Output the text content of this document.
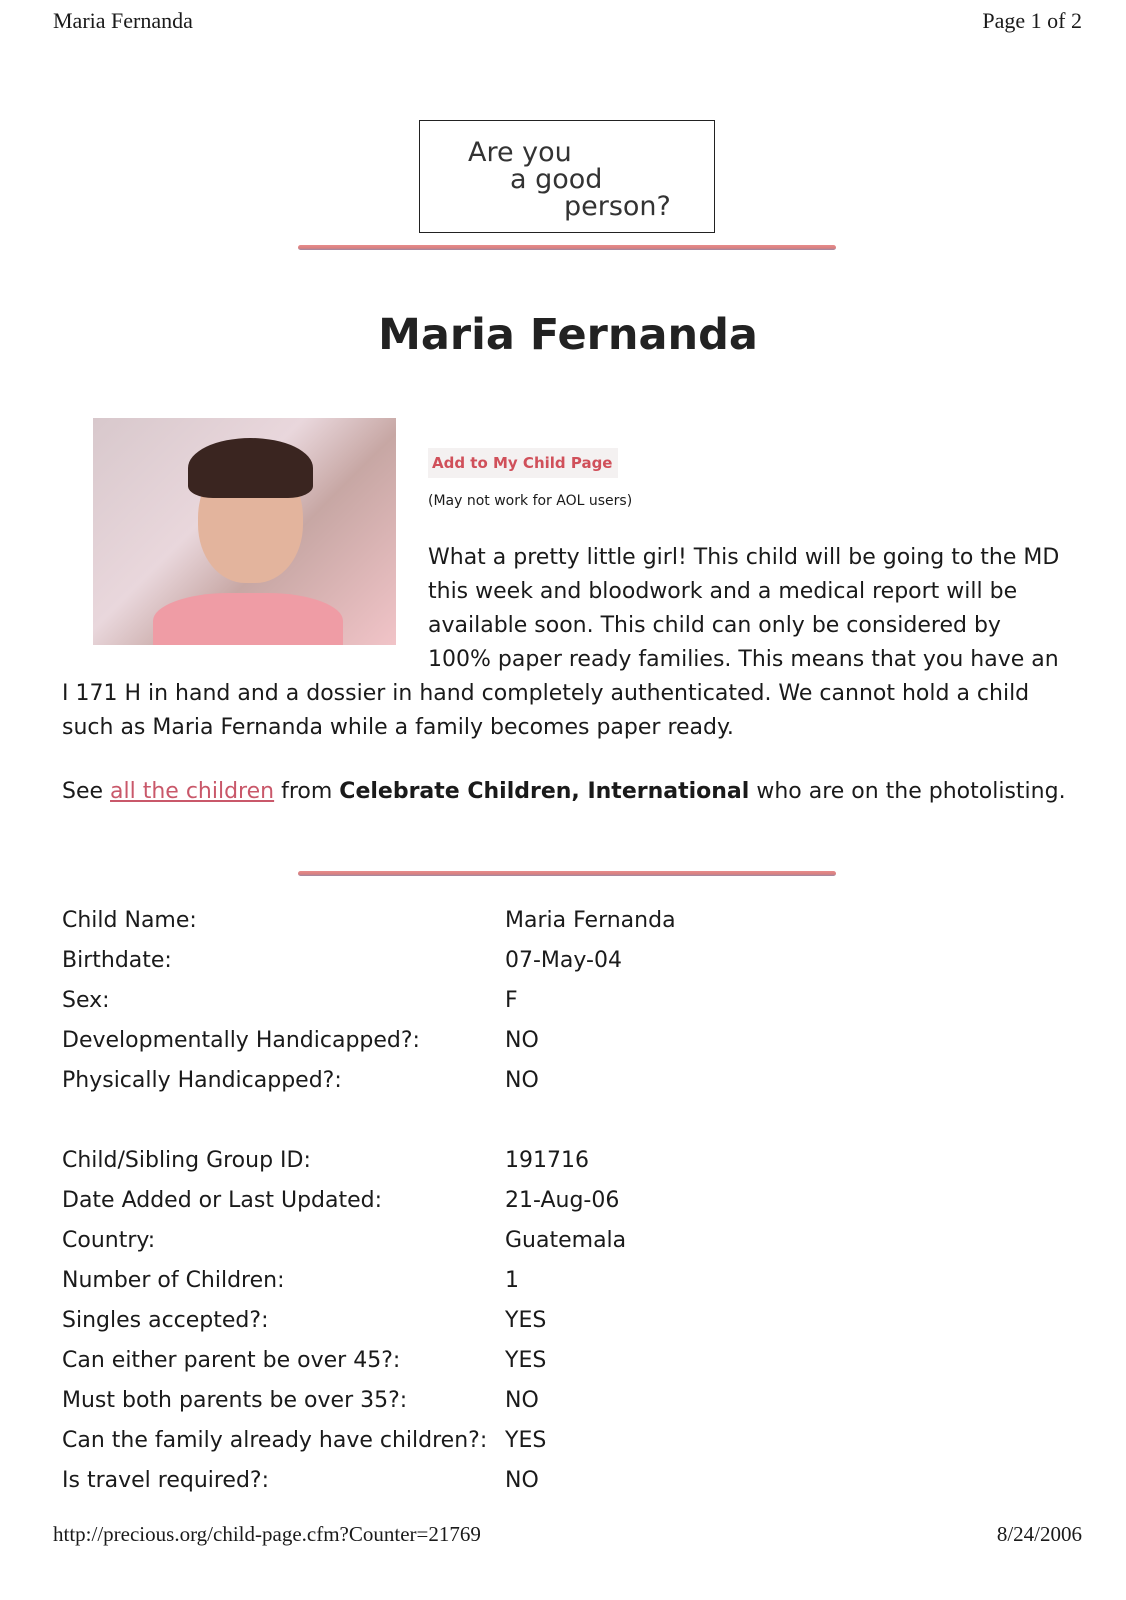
Maria Fernanda	Page 1 of 2
Are you
a good
person?
Maria Fernanda
Add to My Child Page
(May not work for AOL users)

What a pretty little girl! This child will be going to the MD this week and bloodwork and a medical report will be available soon. This child can only be considered by 100% paper ready families. This means that you have an I 171 H in hand and a dossier in hand completely authenticated. We cannot hold a child such as Maria Fernanda while a family becomes paper ready.

See all the children from Celebrate Children, International who are on the photolisting.
Child Name:	Maria Fernanda
Birthdate:	07-May-04
Sex:	F
Developmentally Handicapped?:	NO
Physically Handicapped?:	NO
Child/Sibling Group ID:	191716
Date Added or Last Updated:	21-Aug-06
Country:	Guatemala
Number of Children:	1
Singles accepted?:	YES
Can either parent be over 45?:	YES
Must both parents be over 35?:	NO
Can the family already have children?: YES
Is travel required?:	NO
http://precious.org/child-page.cfm?Counter=21769	8/24/2006
